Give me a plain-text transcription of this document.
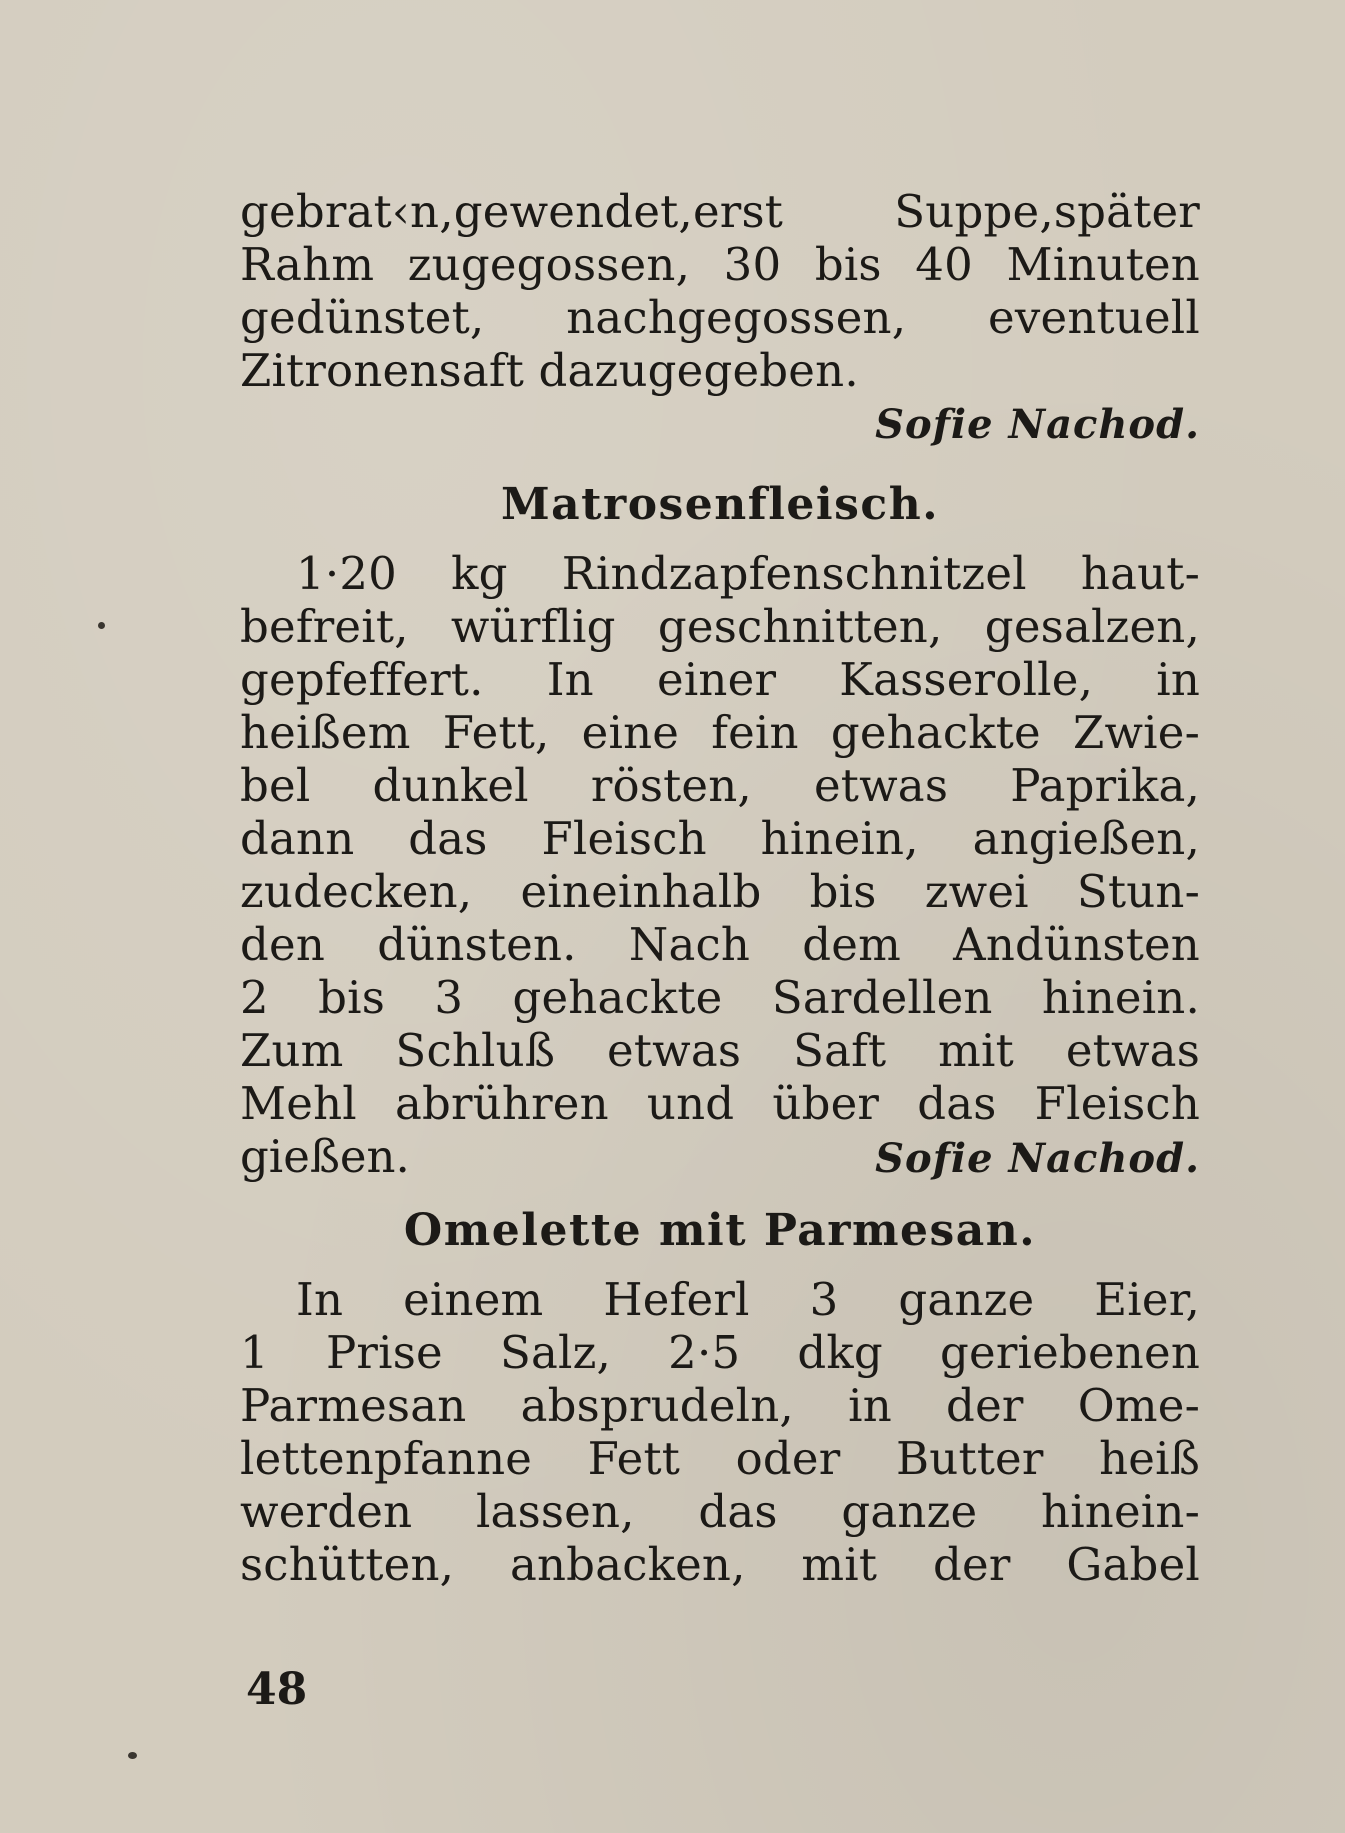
gebrat‹n,gewendet,erst Suppe,später
Rahm zugegossen, 30 bis 40 Minuten
gedünstet, nachgegossen, eventuell
Zitronensaft dazugegeben.
Sofie Nachod.
Matrosenfleisch.
1·20 kg Rindzapfenschnitzel haut-
befreit, würflig geschnitten, gesalzen,
gepfeffert. In einer Kasserolle, in
heißem Fett, eine fein gehackte Zwie-
bel dunkel rösten, etwas Paprika,
dann das Fleisch hinein, angießen,
zudecken, eineinhalb bis zwei Stun-
den dünsten. Nach dem Andünsten
2 bis 3 gehackte Sardellen hinein.
Zum Schluß etwas Saft mit etwas
Mehl abrühren und über das Fleisch
gießen.	Sofie Nachod.
Omelette mit Parmesan.
In einem Heferl 3 ganze Eier,
1 Prise Salz, 2·5 dkg geriebenen
Parmesan absprudeln, in der Ome-
lettenpfanne Fett oder Butter heiß
werden lassen, das ganze hinein-
schütten, anbacken, mit der Gabel
48
